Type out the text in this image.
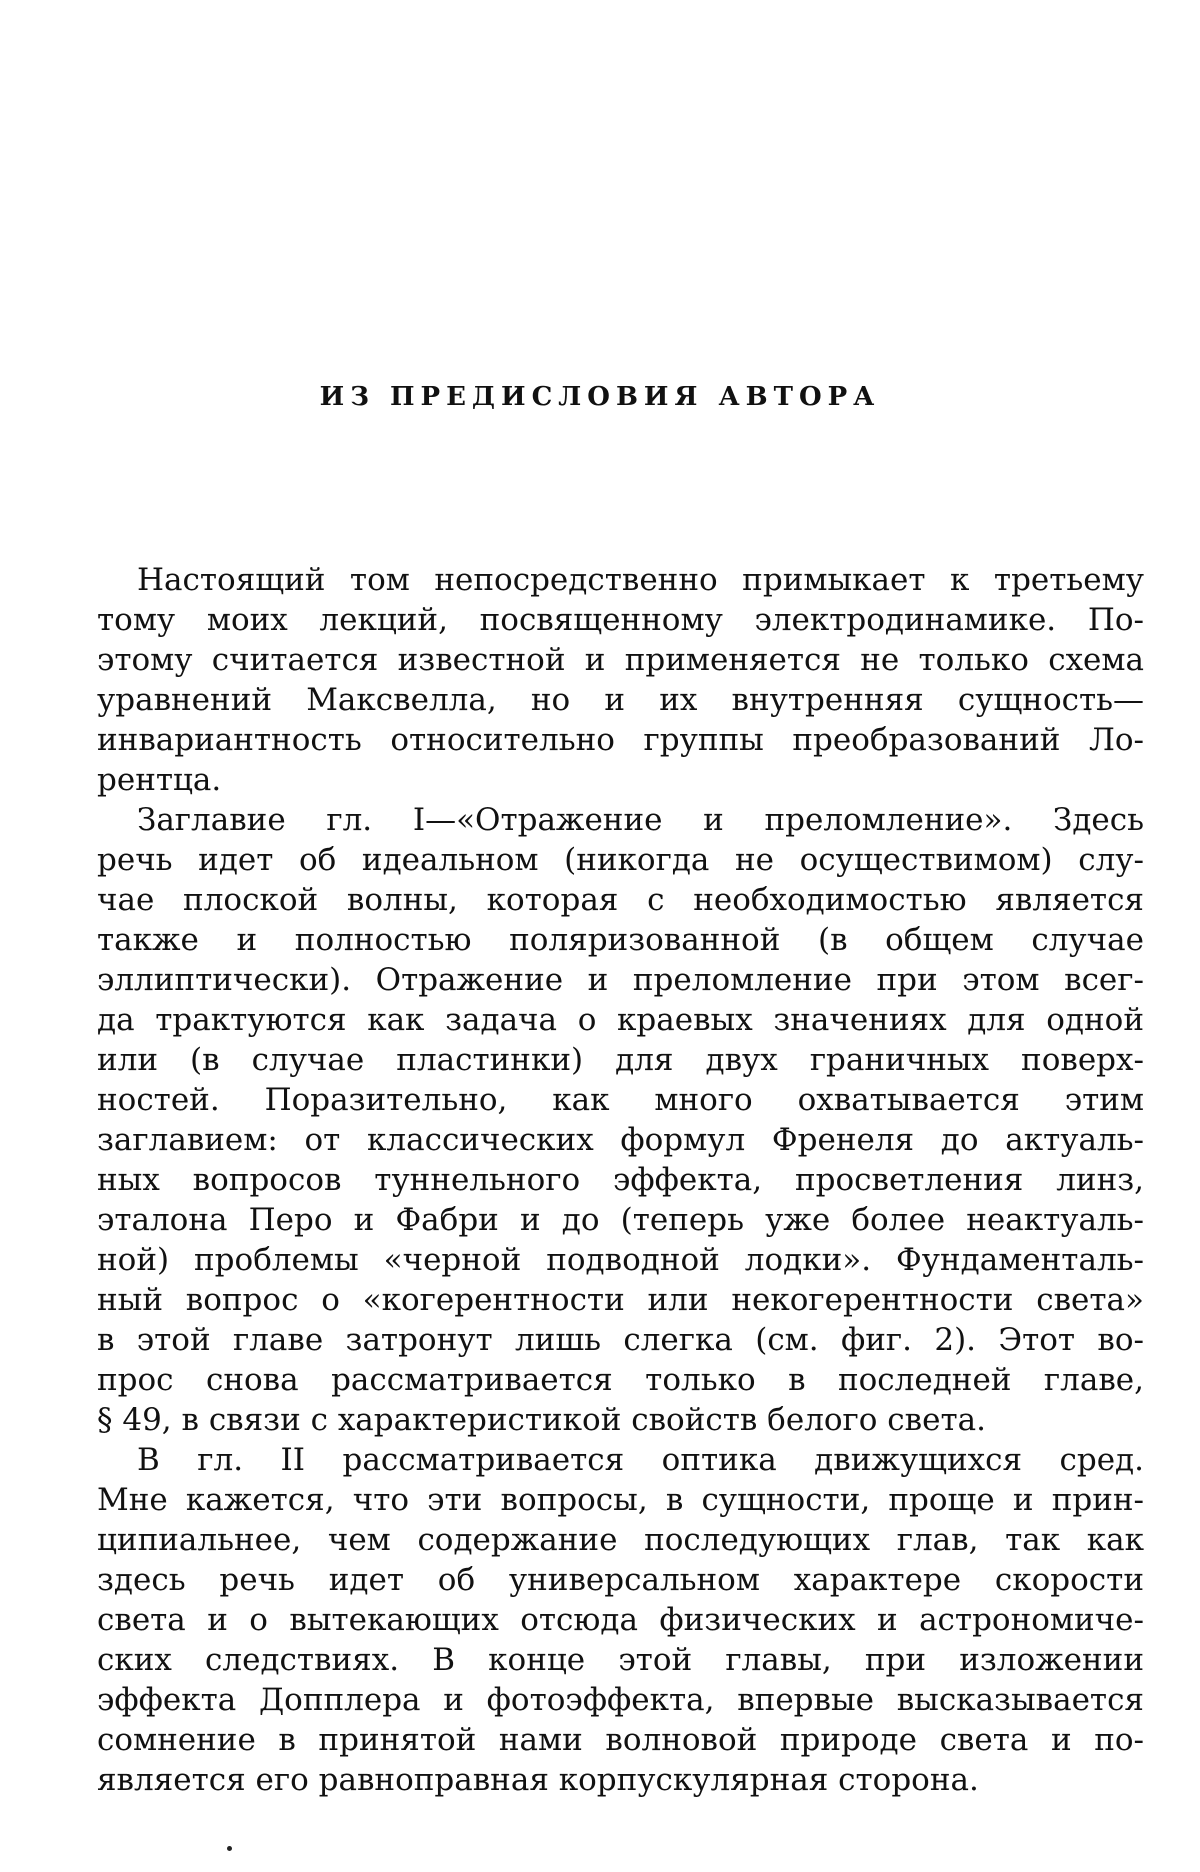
ИЗ ПРЕДИСЛОВИЯ АВТОРА
Настоящий том непосредственно примыкает к третьему
тому моих лекций, посвященному электродинамике. По-
этому считается известной и применяется не только схема
уравнений Максвелла, но и их внутренняя сущность—
инвариантность относительно группы преобразований Ло-
рентца.
Заглавие гл. I—«Отражение и преломление». Здесь
речь идет об идеальном (никогда не осуществимом) слу-
чае плоской волны, которая с необходимостью является
также и полностью поляризованной (в общем случае
эллиптически). Отражение и преломление при этом всег-
да трактуются как задача о краевых значениях для одной
или (в случае пластинки) для двух граничных поверх-
ностей. Поразительно, как много охватывается этим
заглавием: от классических формул Френеля до актуаль-
ных вопросов туннельного эффекта, просветления линз,
эталона Перо и Фабри и до (теперь уже более неактуаль-
ной) проблемы «черной подводной лодки». Фундаменталь-
ный вопрос о «когерентности или некогерентности света»
в этой главе затронут лишь слегка (см. фиг. 2). Этот во-
прос снова рассматривается только в последней главе,
§ 49, в связи с характеристикой свойств белого света.
В гл. II рассматривается оптика движущихся сред.
Мне кажется, что эти вопросы, в сущности, проще и прин-
ципиальнее, чем содержание последующих глав, так как
здесь речь идет об универсальном характере скорости
света и о вытекающих отсюда физических и астрономиче-
ских следствиях. В конце этой главы, при изложении
эффекта Допплера и фотоэффекта, впервые высказывается
сомнение в принятой нами волновой природе света и по-
является его равноправная корпускулярная сторона.
